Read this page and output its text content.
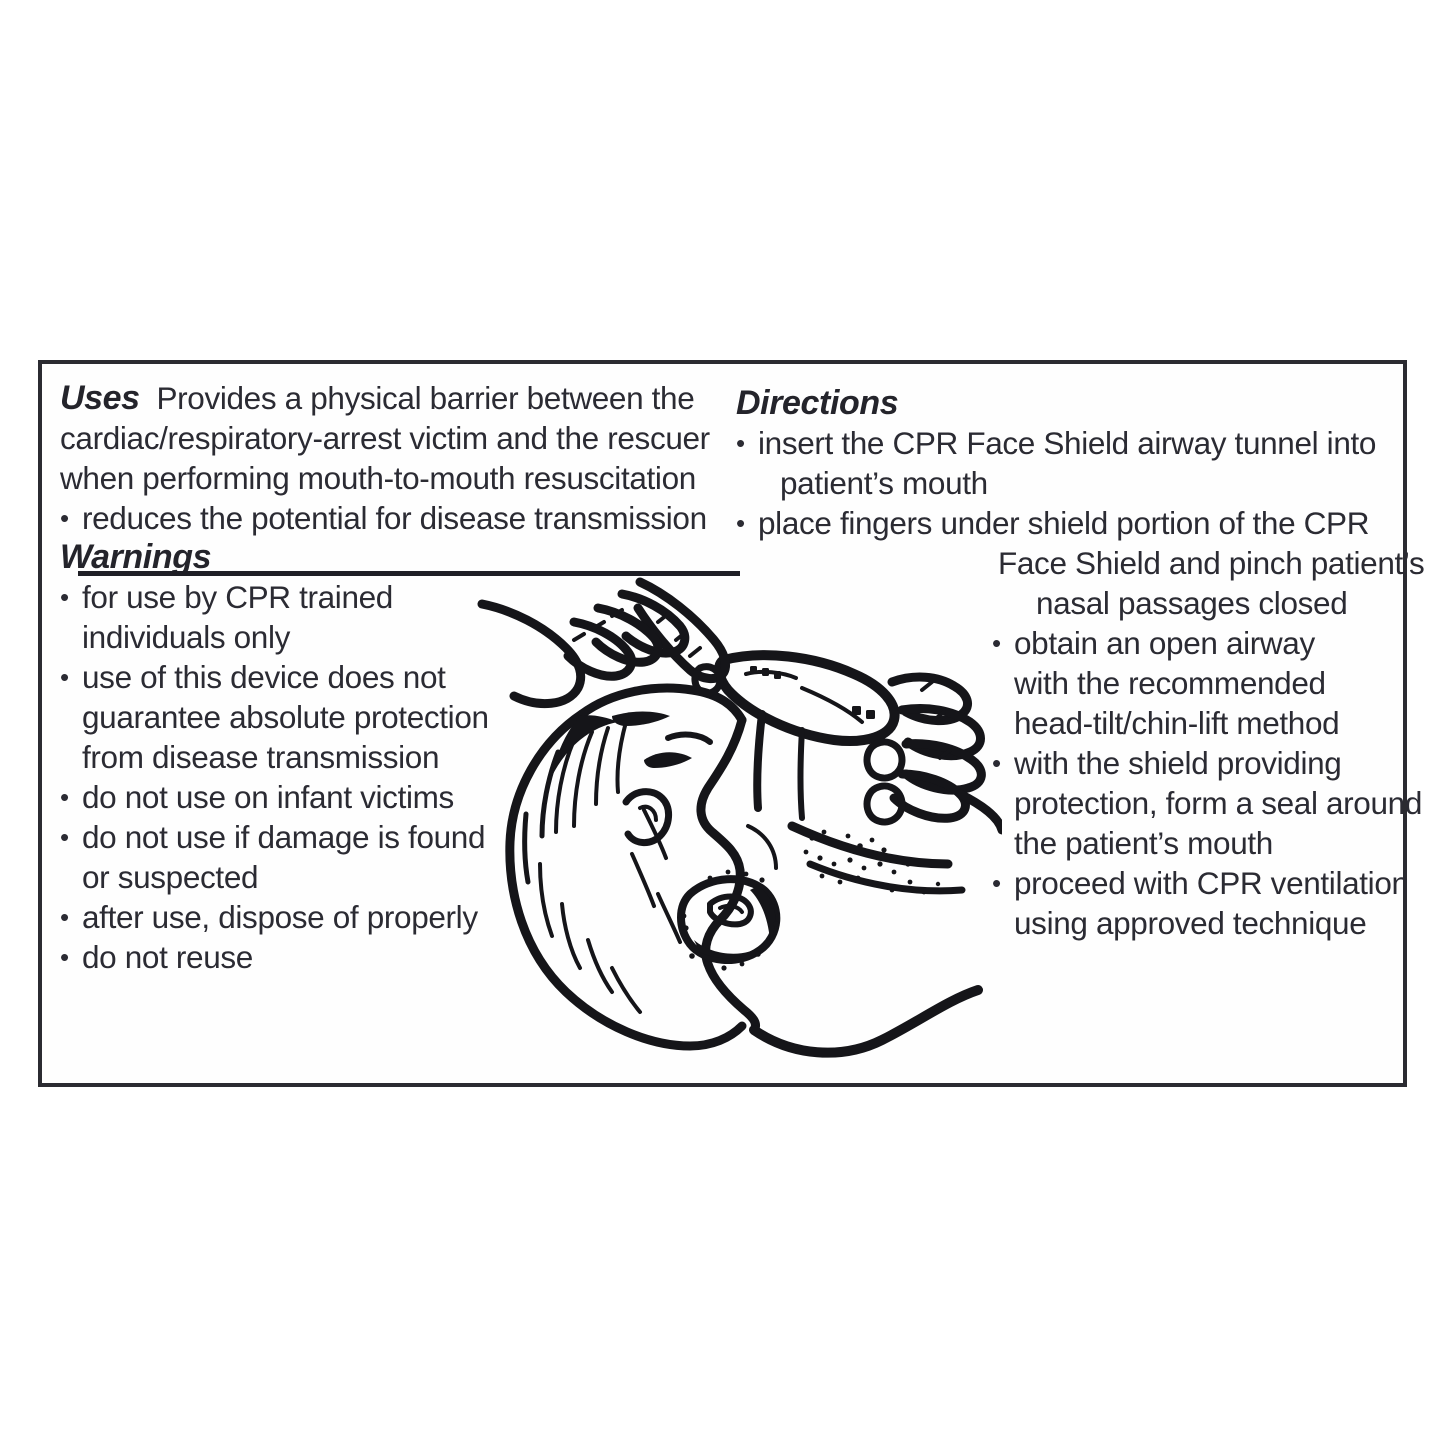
Uses Provides a physical barrier between the cardiac/respiratory-arrest victim and the rescuer when performing mouth-to-mouth resuscitation

• reduces the potential for disease transmission
Warnings
• for use by CPR trained individuals only
• use of this device does not guarantee absolute protection from disease transmission
• do not use on infant victims
• do not use if damage is found or suspected
• after use, dispose of properly
• do not reuse
Directions
• insert the CPR Face Shield airway tunnel into
patient’s mouth
• place fingers under shield portion of the CPR
Face Shield and pinch patient’s
nasal passages closed
• obtain an open airway
with the recommended
head-tilt/chin-lift method
• with the shield providing
protection, form a seal around
the patient’s mouth
• proceed with CPR ventilation
using approved technique
